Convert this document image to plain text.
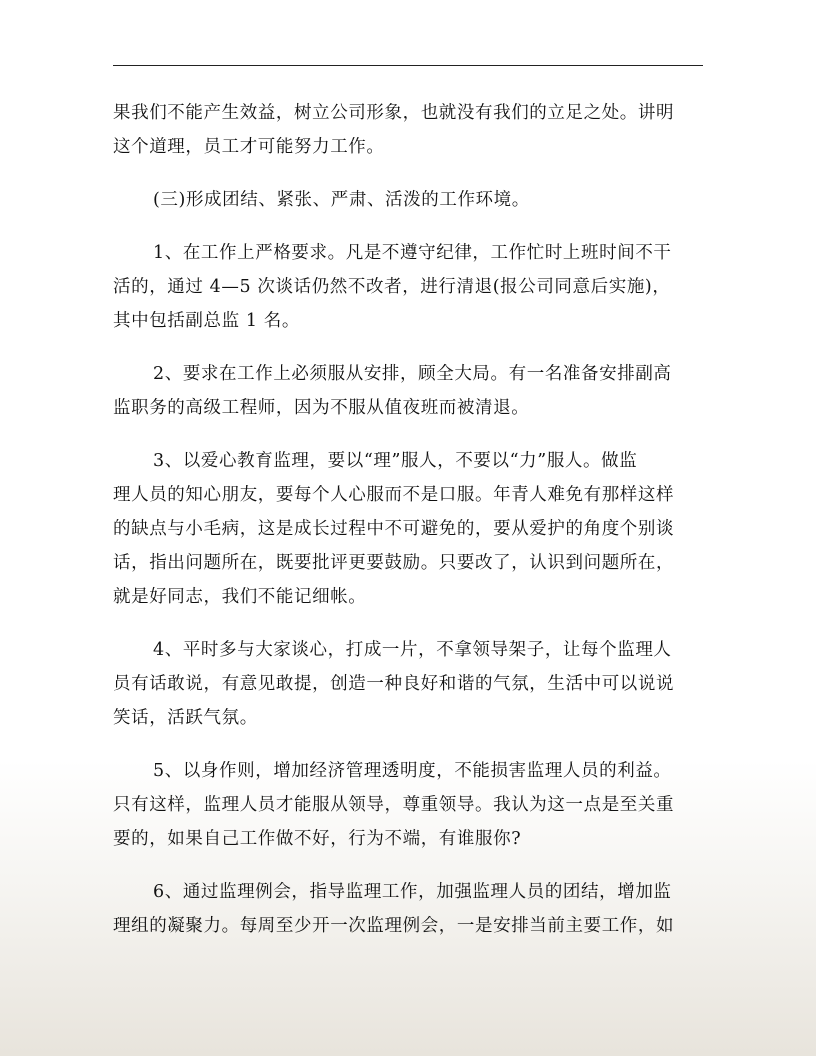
果我们不能产生效益，树立公司形象，也就没有我们的立足之处。讲明
这个道理，员工才可能努力工作。

(三)形成团结、紧张、严肃、活泼的工作环境。

1、在工作上严格要求。凡是不遵守纪律，工作忙时上班时间不干
活的，通过 4—5 次谈话仍然不改者，进行清退(报公司同意后实施)，
其中包括副总监 1 名。

2、要求在工作上必须服从安排，顾全大局。有一名准备安排副高
监职务的高级工程师，因为不服从值夜班而被清退。

3、以爱心教育监理，要以“理”服人，不要以“力”服人。做监
理人员的知心朋友，要每个人心服而不是口服。年青人难免有那样这样
的缺点与小毛病，这是成长过程中不可避免的，要从爱护的角度个别谈
话，指出问题所在，既要批评更要鼓励。只要改了，认识到问题所在，
就是好同志，我们不能记细帐。

4、平时多与大家谈心，打成一片，不拿领导架子，让每个监理人
员有话敢说，有意见敢提，创造一种良好和谐的气氛，生活中可以说说
笑话，活跃气氛。

5、以身作则，增加经济管理透明度，不能损害监理人员的利益。
只有这样，监理人员才能服从领导，尊重领导。我认为这一点是至关重
要的，如果自己工作做不好，行为不端，有谁服你?

6、通过监理例会，指导监理工作，加强监理人员的团结，增加监
理组的凝聚力。每周至少开一次监理例会，一是安排当前主要工作，如
